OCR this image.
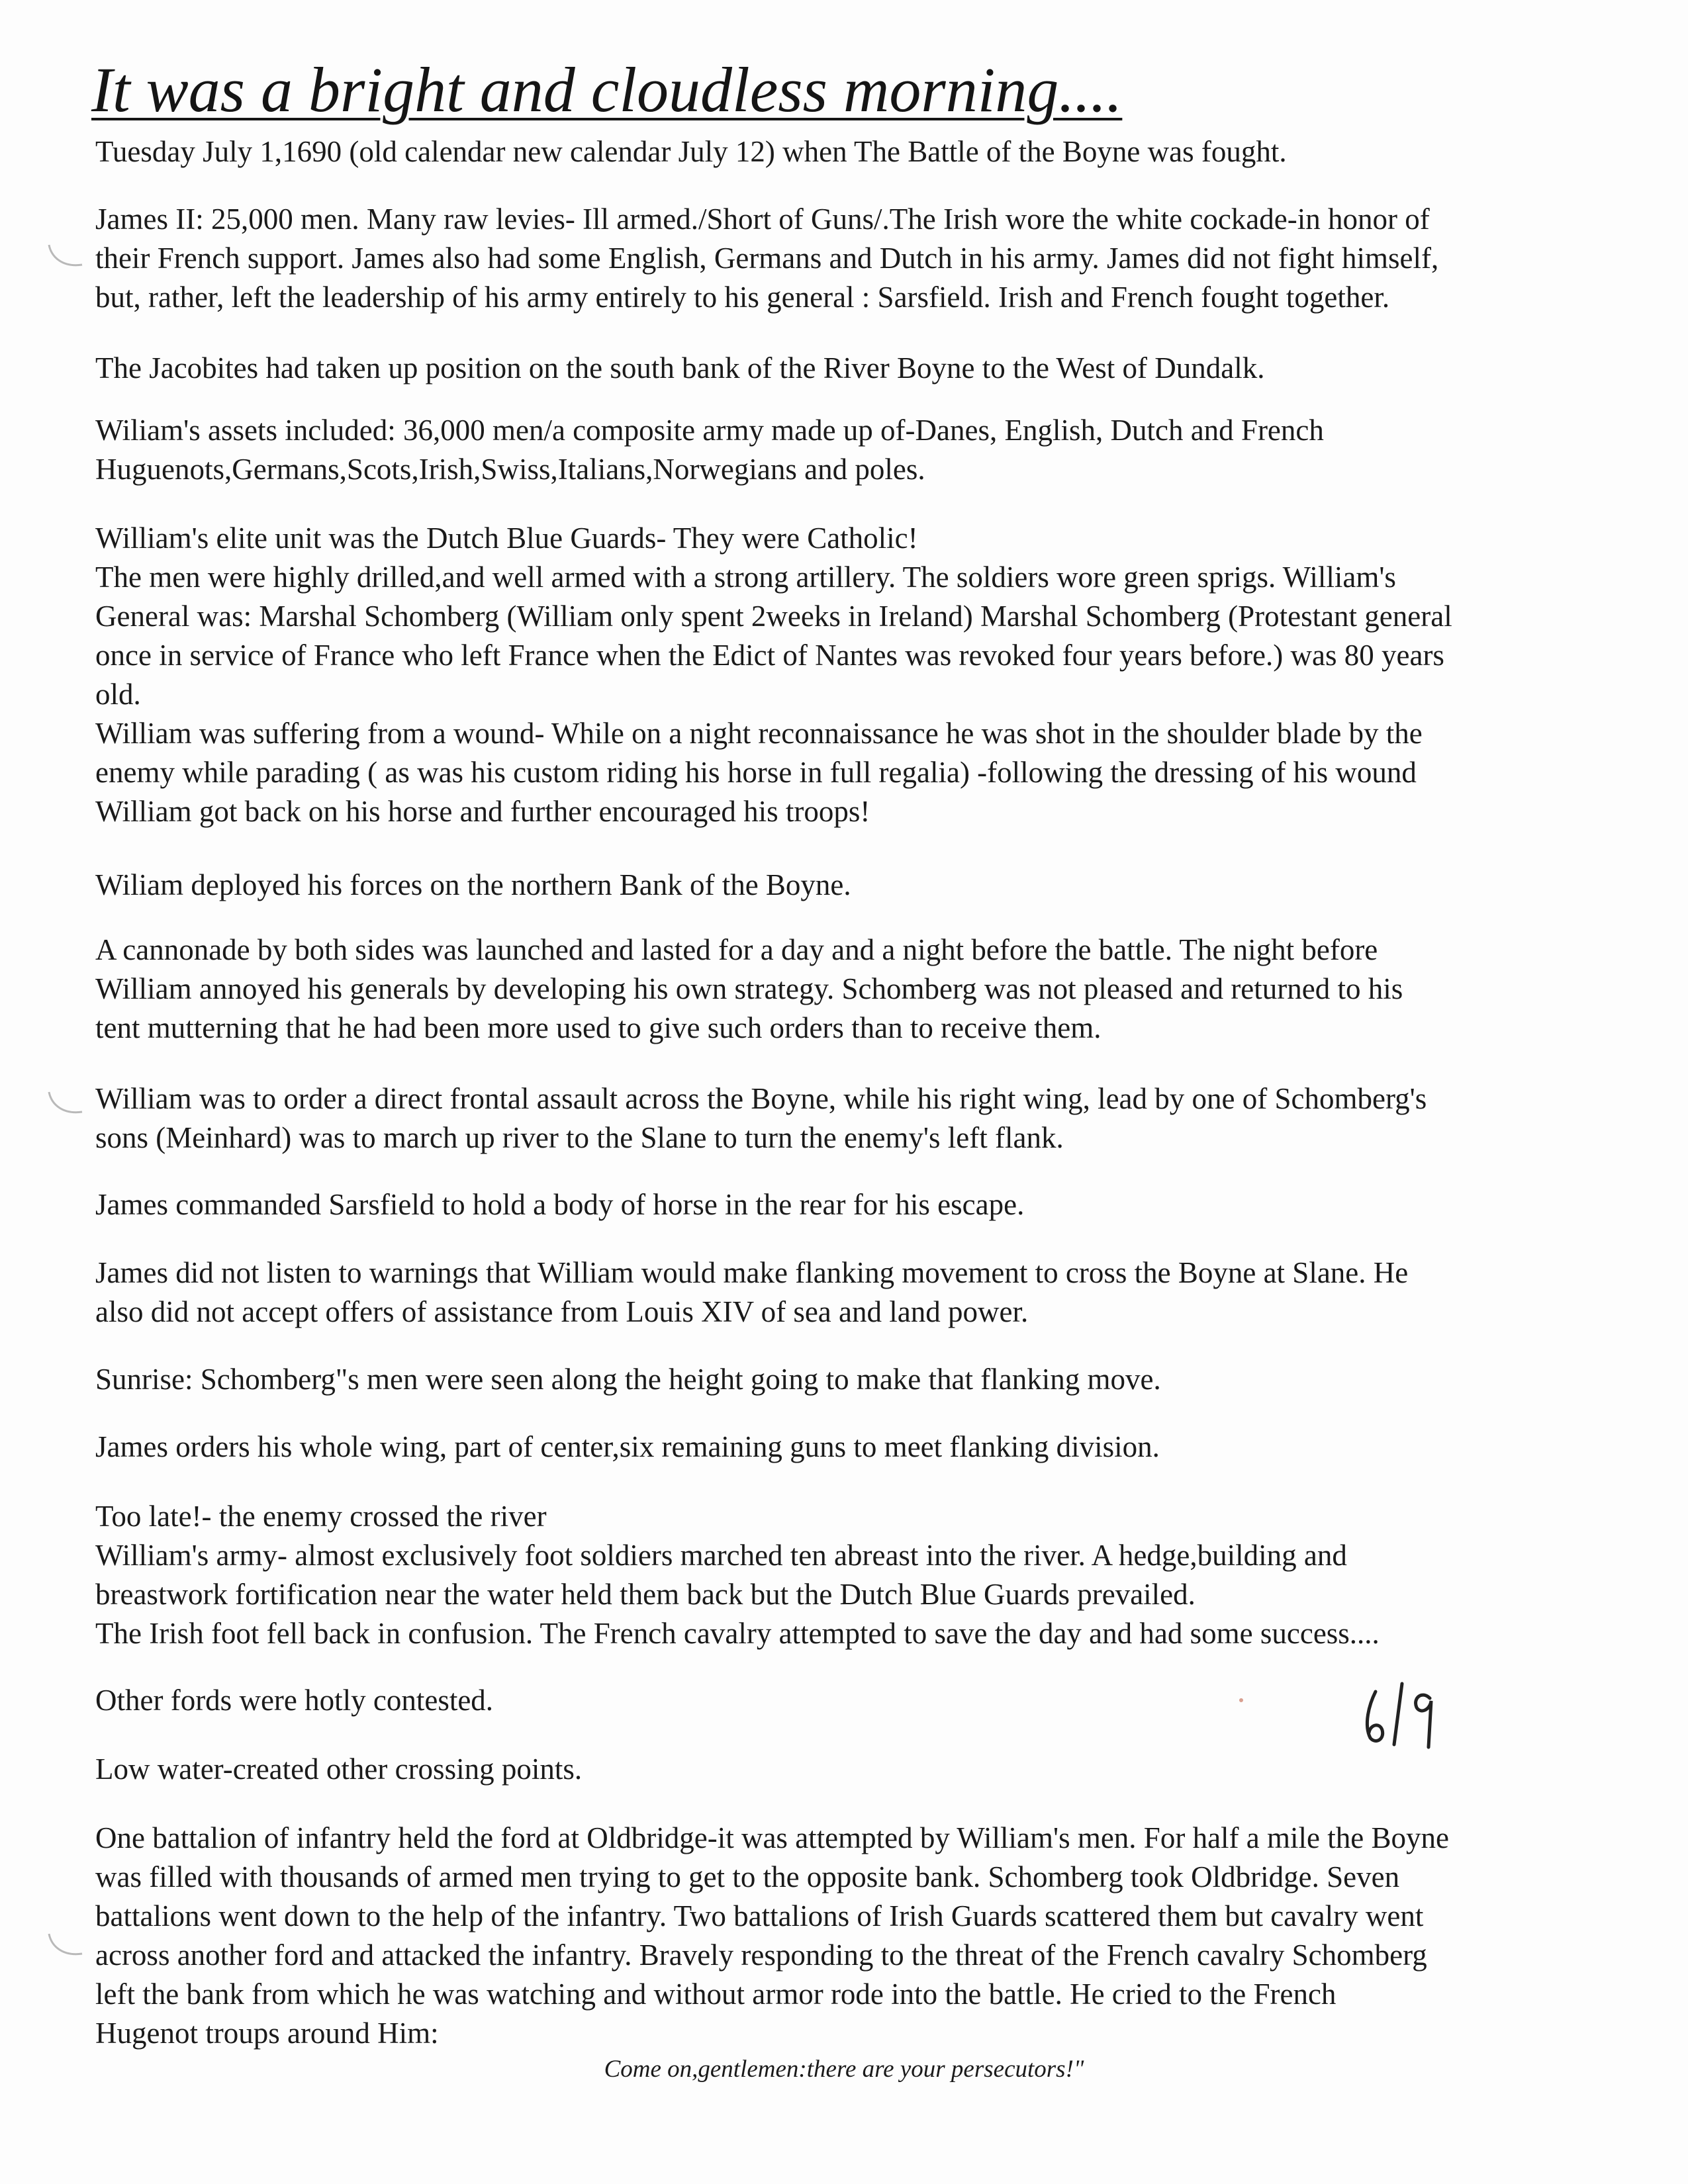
It was a bright and cloudless morning....

Tuesday July 1,1690 (old calendar new calendar July 12) when The Battle of the Boyne was fought.

James II: 25,000 men. Many raw levies- Ill armed./Short of Guns/.The Irish wore the white cockade-in honor of
their French support. James also had some English, Germans and Dutch in his army. James did not fight himself,
but, rather, left the leadership of his army entirely to his general : Sarsfield. Irish and French fought together.

The Jacobites had taken up position on the south bank of the River Boyne to the West of Dundalk.

Wiliam's assets included: 36,000 men/a composite army made up of-Danes, English, Dutch and French
Huguenots,Germans,Scots,Irish,Swiss,Italians,Norwegians and poles.

William's elite unit was the Dutch Blue Guards- They were Catholic!
The men were highly drilled,and well armed with a strong artillery. The soldiers wore green sprigs. William's
General was: Marshal Schomberg (William only spent 2weeks in Ireland) Marshal Schomberg (Protestant general
once in service of France who left France when the Edict of Nantes was revoked four years before.) was 80 years
old.
William was suffering from a wound- While on a night reconnaissance he was shot in the shoulder blade by the
enemy while parading ( as was his custom riding his horse in full regalia) -following the dressing of his wound
William got back on his horse and further encouraged his troops!

Wiliam deployed his forces on the northern Bank of the Boyne.

A cannonade by both sides was launched and lasted for a day and a night before the battle. The night before
William annoyed his generals by developing his own strategy. Schomberg was not pleased and returned to his
tent mutterning that he had been more used to give such orders than to receive them.

William was to order a direct frontal assault across the Boyne, while his right wing, lead by one of Schomberg's
sons (Meinhard) was to march up river to the Slane to turn the enemy's left flank.

James commanded Sarsfield to hold a body of horse in the rear for his escape.

James did not listen to warnings that William would make flanking movement to cross the Boyne at Slane. He
also did not accept offers of assistance from Louis XIV of sea and land power.

Sunrise: Schomberg"s men were seen along the height going to make that flanking move.

James orders his whole wing, part of center,six remaining guns to meet flanking division.

Too late!- the enemy crossed the river
William's army- almost exclusively foot soldiers marched ten abreast into the river. A hedge,building and
breastwork fortification near the water held them back but the Dutch Blue Guards prevailed.
The Irish foot fell back in confusion. The French cavalry attempted to save the day and had some success....

Other fords were hotly contested.

Low water-created other crossing points.

One battalion of infantry held the ford at Oldbridge-it was attempted by William's men. For half a mile the Boyne
was filled with thousands of armed men trying to get to the opposite bank. Schomberg took Oldbridge. Seven
battalions went down to the help of the infantry. Two battalions of Irish Guards scattered them but cavalry went
across another ford and attacked the infantry. Bravely responding to the threat of the French cavalry Schomberg
left the bank from which he was watching and without armor rode into the battle. He cried to the French
Hugenot troups around Him:

Come on,gentlemen:there are your persecutors!"
